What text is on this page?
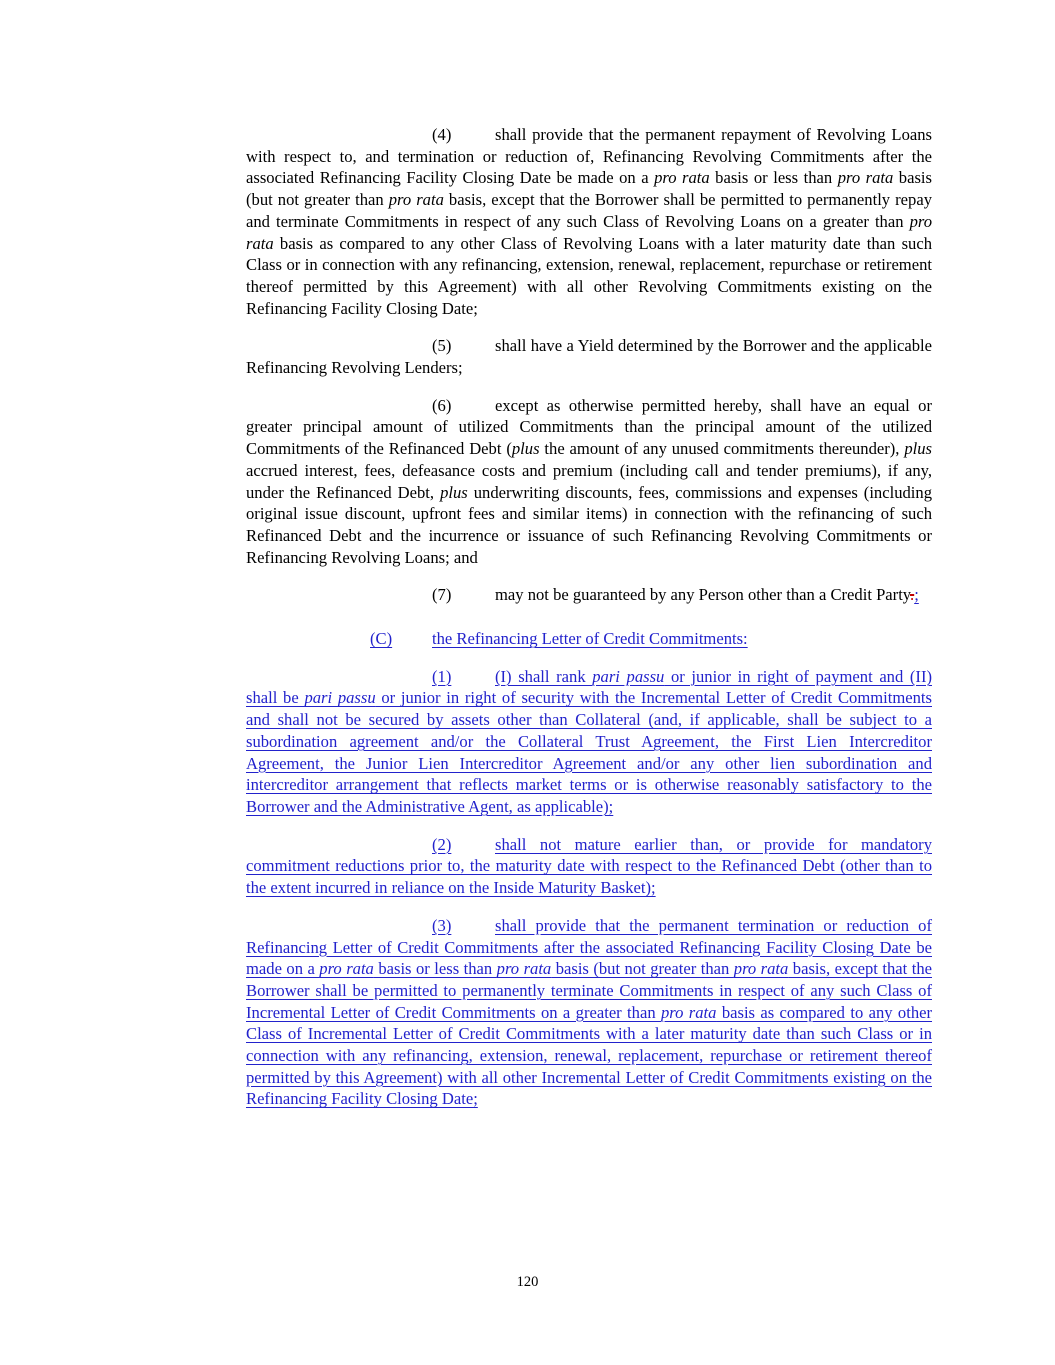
(4)	shall provide that the permanent repayment of Revolving Loans with respect to, and termination or reduction of, Refinancing Revolving Commitments after the associated Refinancing Facility Closing Date be made on a pro rata basis or less than pro rata basis (but not greater than pro rata basis, except that the Borrower shall be permitted to permanently repay and terminate Commitments in respect of any such Class of Revolving Loans on a greater than pro rata basis as compared to any other Class of Revolving Loans with a later maturity date than such Class or in connection with any refinancing, extension, renewal, replacement, repurchase or retirement thereof permitted by this Agreement) with all other Revolving Commitments existing on the Refinancing Facility Closing Date;

(5)	shall have a Yield determined by the Borrower and the applicable Refinancing Revolving Lenders;

(6)	except as otherwise permitted hereby, shall have an equal or greater principal amount of utilized Commitments than the principal amount of the utilized Commitments of the Refinanced Debt (plus the amount of any unused commitments thereunder), plus accrued interest, fees, defeasance costs and premium (including call and tender premiums), if any, under the Refinanced Debt, plus underwriting discounts, fees, commissions and expenses (including original issue discount, upfront fees and similar items) in connection with the refinancing of such Refinanced Debt and the incurrence or issuance of such Refinancing Revolving Commitments or Refinancing Revolving Loans; and

(7)	may not be guaranteed by any Person other than a Credit Party.;

(C) the Refinancing Letter of Credit Commitments:

(1)	(I) shall rank pari passu or junior in right of payment and (II) shall be pari passu or junior in right of security with the Incremental Letter of Credit Commitments and shall not be secured by assets other than Collateral (and, if applicable, shall be subject to a subordination agreement and/or the Collateral Trust Agreement, the First Lien Intercreditor Agreement, the Junior Lien Intercreditor Agreement and/or any other lien subordination and intercreditor arrangement that reflects market terms or is otherwise reasonably satisfactory to the Borrower and the Administrative Agent, as applicable);

(2)	shall not mature earlier than, or provide for mandatory commitment reductions prior to, the maturity date with respect to the Refinanced Debt (other than to the extent incurred in reliance on the Inside Maturity Basket);

(3)	shall provide that the permanent termination or reduction of Refinancing Letter of Credit Commitments after the associated Refinancing Facility Closing Date be made on a pro rata basis or less than pro rata basis (but not greater than pro rata basis, except that the Borrower shall be permitted to permanently terminate Commitments in respect of any such Class of Incremental Letter of Credit Commitments on a greater than pro rata basis as compared to any other Class of Incremental Letter of Credit Commitments with a later maturity date than such Class or in connection with any refinancing, extension, renewal, replacement, repurchase or retirement thereof permitted by this Agreement) with all other Incremental Letter of Credit Commitments existing on the Refinancing Facility Closing Date;

120
